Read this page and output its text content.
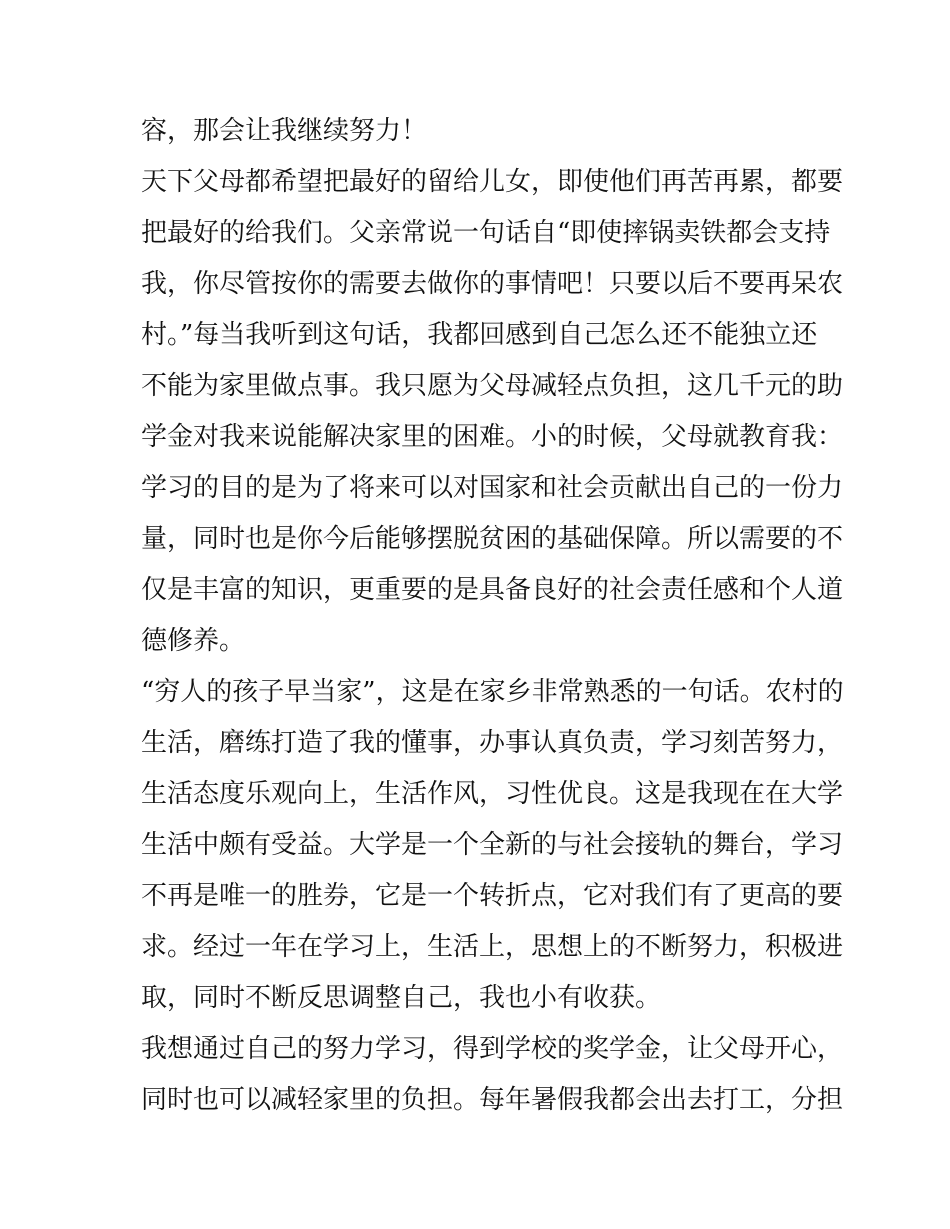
容，那会让我继续努力！
天下父母都希望把最好的留给儿女，即使他们再苦再累，都要
把最好的给我们。父亲常说一句话自“即使摔锅卖铁都会支持
我，你尽管按你的需要去做你的事情吧！只要以后不要再呆农
村。”每当我听到这句话，我都回感到自己怎么还不能独立还
不能为家里做点事。我只愿为父母减轻点负担，这几千元的助
学金对我来说能解决家里的困难。小的时候，父母就教育我：
学习的目的是为了将来可以对国家和社会贡献出自己的一份力
量，同时也是你今后能够摆脱贫困的基础保障。所以需要的不
仅是丰富的知识，更重要的是具备良好的社会责任感和个人道
德修养。
“穷人的孩子早当家”，这是在家乡非常熟悉的一句话。农村的
生活，磨练打造了我的懂事，办事认真负责，学习刻苦努力，
生活态度乐观向上，生活作风，习性优良。这是我现在在大学
生活中颇有受益。大学是一个全新的与社会接轨的舞台，学习
不再是唯一的胜券，它是一个转折点，它对我们有了更高的要
求。经过一年在学习上，生活上，思想上的不断努力，积极进
取，同时不断反思调整自己，我也小有收获。
我想通过自己的努力学习，得到学校的奖学金，让父母开心，
同时也可以减轻家里的负担。每年暑假我都会出去打工，分担
